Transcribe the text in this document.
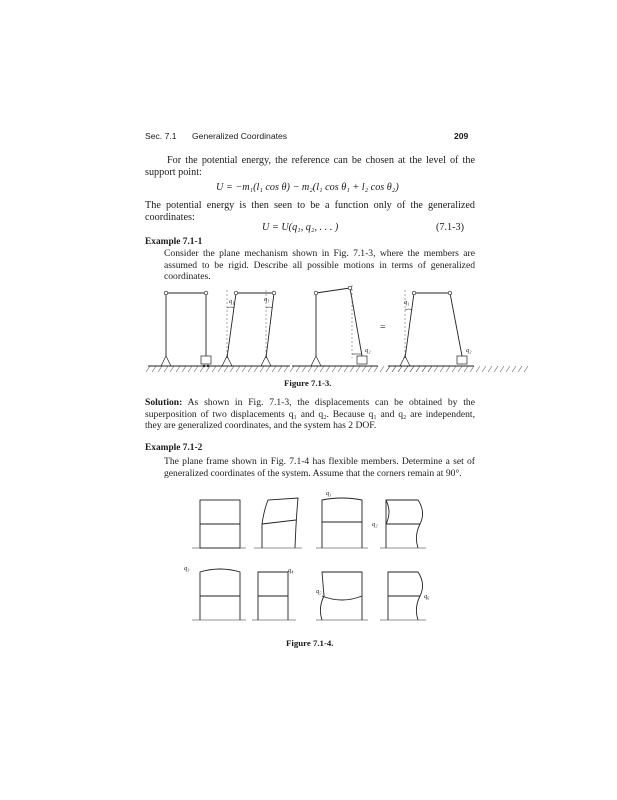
Sec. 7.1 Generalized Coordinates	209
For the potential energy, the reference can be chosen at the level of the support point:
U = −m₁(l₁ cos θ) − m₂(l₁ cos θ₁ + l₂ cos θ₂)
The potential energy is then seen to be a function only of the generalized coordinates:
U = U(q₁, q₂, . . . )	(7.1-3)
Example 7.1-1
Consider the plane mechanism shown in Fig. 7.1-3, where the members are assumed to be rigid. Describe all possible motions in terms of generalized coordinates.
q₁	q₁
q₂
=
q₁
q₂
q₁
q₂
q₃	q₄
q₅
q₆
Figure 7.1-3.
Solution: As shown in Fig. 7.1-3, the displacements can be obtained by the superposition of two displacements q₁ and q₂. Because q₁ and q₂ are independent, they are generalized coordinates, and the system has 2 DOF.
Example 7.1-2
The plane frame shown in Fig. 7.1-4 has flexible members. Determine a set of generalized coordinates of the system. Assume that the corners remain at 90°.
Figure 7.1-4.
